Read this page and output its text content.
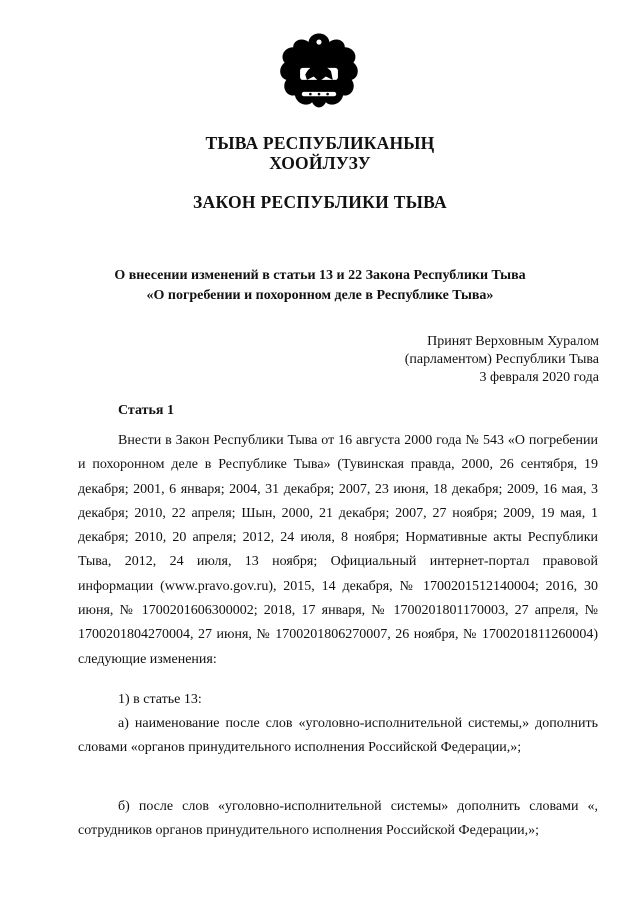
ТЫВА РЕСПУБЛИКАНЫҢ
ХООЙЛУЗУ
ЗАКОН РЕСПУБЛИКИ ТЫВА
О внесении изменений в статьи 13 и 22 Закона Республики Тыва
«О погребении и похоронном деле в Республике Тыва»
Принят Верховным Хуралом
(парламентом) Республики Тыва
3 февраля 2020 года
Статья 1

Внести в Закон Республики Тыва от 16 августа 2000 года № 543 «О погребении и похоронном деле в Республике Тыва» (Тувинская правда, 2000, 26 сентября, 19 декабря; 2001, 6 января; 2004, 31 декабря; 2007, 23 июня, 18 декабря; 2009, 16 мая, 3 декабря; 2010, 22 апреля; Шын, 2000, 21 декабря; 2007, 27 ноября; 2009, 19 мая, 1 декабря; 2010, 20 апреля; 2012, 24 июля, 8 ноября; Нормативные акты Республики Тыва, 2012, 24 июля, 13 ноября; Официальный интернет-портал правовой информации (www.pravo.gov.ru), 2015, 14 декабря, № 1700201512140004; 2016, 30 июня, № 1700201606300002; 2018, 17 января, № 1700201801170003, 27 апреля, № 1700201804270004, 27 июня, № 1700201806270007, 26 ноября, № 1700201811260004) следующие изменения:

1) в статье 13:

а) наименование после слов «уголовно-исполнительной системы,» дополнить словами «органов принудительного исполнения Российской Федерации,»;

б) после слов «уголовно-исполнительной системы» дополнить словами «, сотрудников органов принудительного исполнения Российской Федерации,»;
